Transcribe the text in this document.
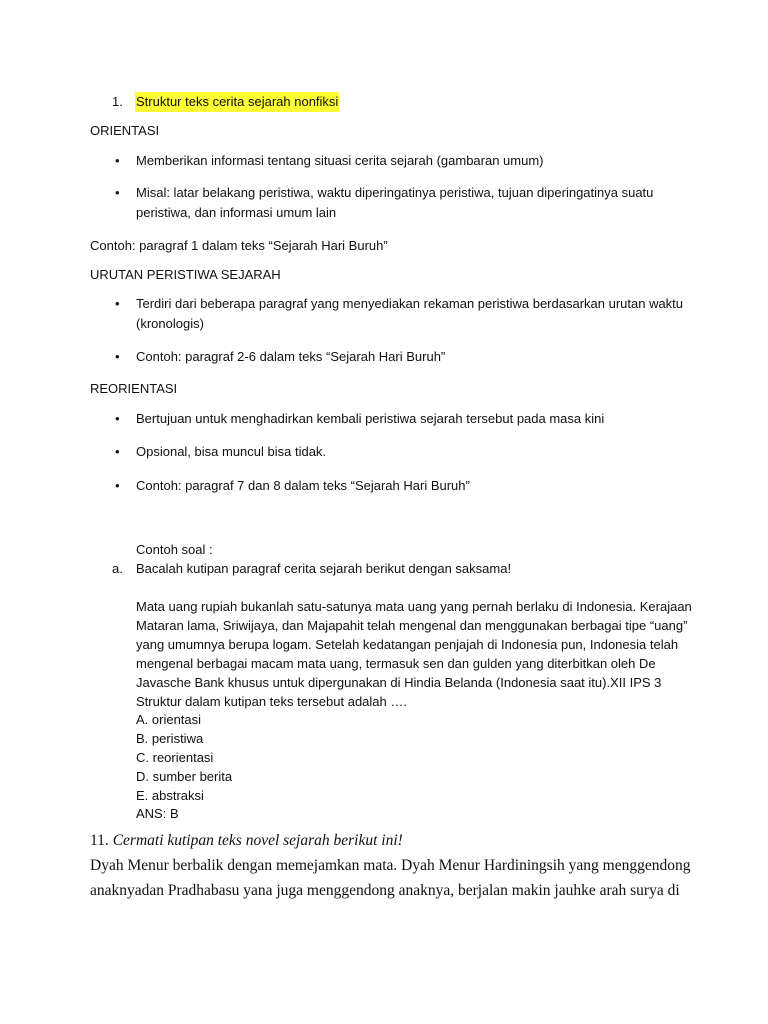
1. Struktur teks cerita sejarah nonfiksi
ORIENTASI
• Memberikan informasi tentang situasi cerita sejarah (gambaran umum)
• Misal: latar belakang peristiwa, waktu diperingatinya peristiwa, tujuan diperingatinya suatu
peristiwa, dan informasi umum lain
Contoh: paragraf 1 dalam teks “Sejarah Hari Buruh”
URUTAN PERISTIWA SEJARAH
• Terdiri dari beberapa paragraf yang menyediakan rekaman peristiwa berdasarkan urutan waktu
(kronologis)
• Contoh: paragraf 2-6 dalam teks “Sejarah Hari Buruh”
REORIENTASI
• Bertujuan untuk menghadirkan kembali peristiwa sejarah tersebut pada masa kini
• Opsional, bisa muncul bisa tidak.
• Contoh: paragraf 7 dan 8 dalam teks “Sejarah Hari Buruh”
Contoh soal :
a. Bacalah kutipan paragraf cerita sejarah berikut dengan saksama!
Mata uang rupiah bukanlah satu-satunya mata uang yang pernah berlaku di Indonesia. Kerajaan
Mataran lama, Sriwijaya, dan Majapahit telah mengenal dan menggunakan berbagai tipe “uang”
yang umumnya berupa logam. Setelah kedatangan penjajah di Indonesia pun, Indonesia telah
mengenal berbagai macam mata uang, termasuk sen dan gulden yang diterbitkan oleh De
Javasche Bank khusus untuk dipergunakan di Hindia Belanda (Indonesia saat itu).XII IPS 3
Struktur dalam kutipan teks tersebut adalah ….
A. orientasi
B. peristiwa
C. reorientasi
D. sumber berita
E. abstraksi
ANS: B
11. Cermati kutipan teks novel sejarah berikut ini!
Dyah Menur berbalik dengan memejamkan mata. Dyah Menur Hardiningsih yang menggendong
anaknyadan Pradhabasu yana juga menggendong anaknya, berjalan makin jauhke arah surya di
